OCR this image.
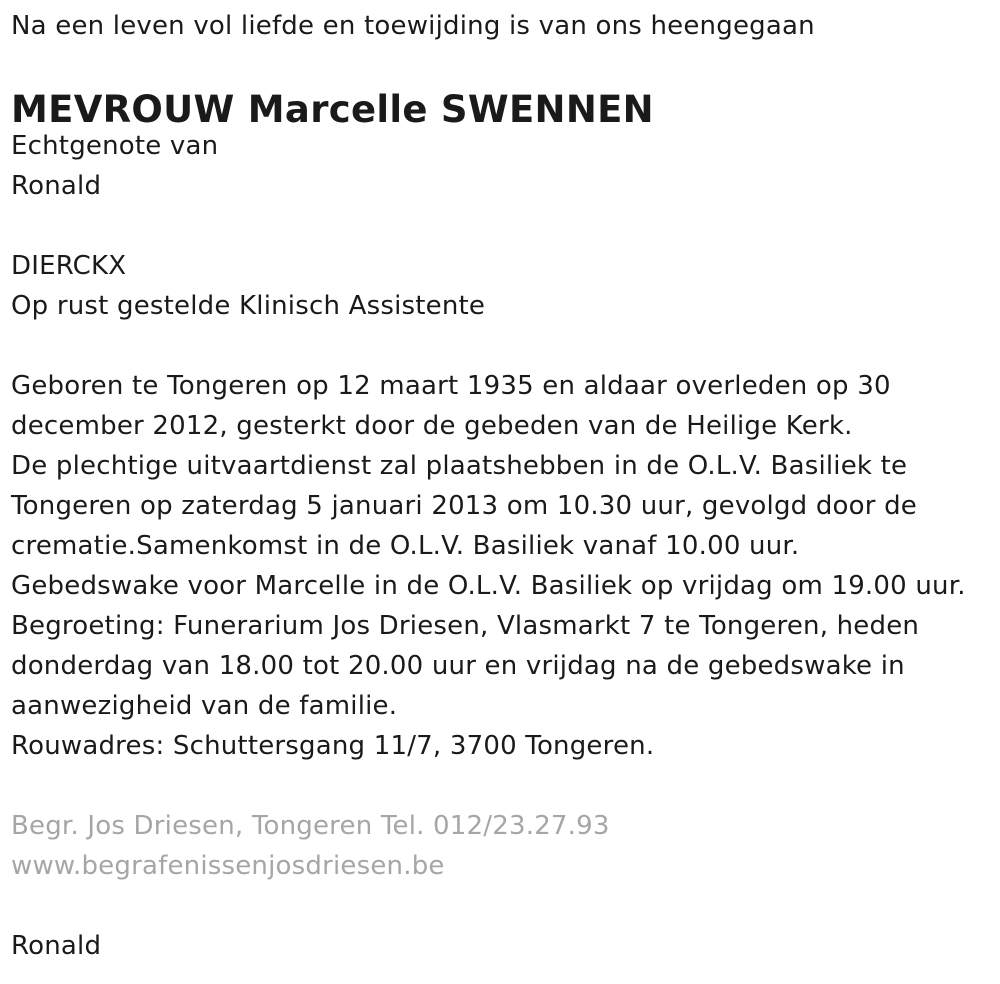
Na een leven vol liefde en toewijding is van ons heengegaan
MEVROUW Marcelle SWENNEN
Echtgenote van
Ronald
DIERCKX
Op rust gestelde Klinisch Assistente
Geboren te Tongeren op 12 maart 1935 en aldaar overleden op 30
december 2012, gesterkt door de gebeden van de Heilige Kerk.
De plechtige uitvaartdienst zal plaatshebben in de O.L.V. Basiliek te
Tongeren op zaterdag 5 januari 2013 om 10.30 uur, gevolgd door de
crematie.Samenkomst in de O.L.V. Basiliek vanaf 10.00 uur.
Gebedswake voor Marcelle in de O.L.V. Basiliek op vrijdag om 19.00 uur.
Begroeting: Funerarium Jos Driesen, Vlasmarkt 7 te Tongeren, heden
donderdag van 18.00 tot 20.00 uur en vrijdag na de gebedswake in
aanwezigheid van de familie.
Rouwadres: Schuttersgang 11/7, 3700 Tongeren.
Begr. Jos Driesen, Tongeren Tel. 012/23.27.93
www.begrafenissenjosdriesen.be
Ronald
